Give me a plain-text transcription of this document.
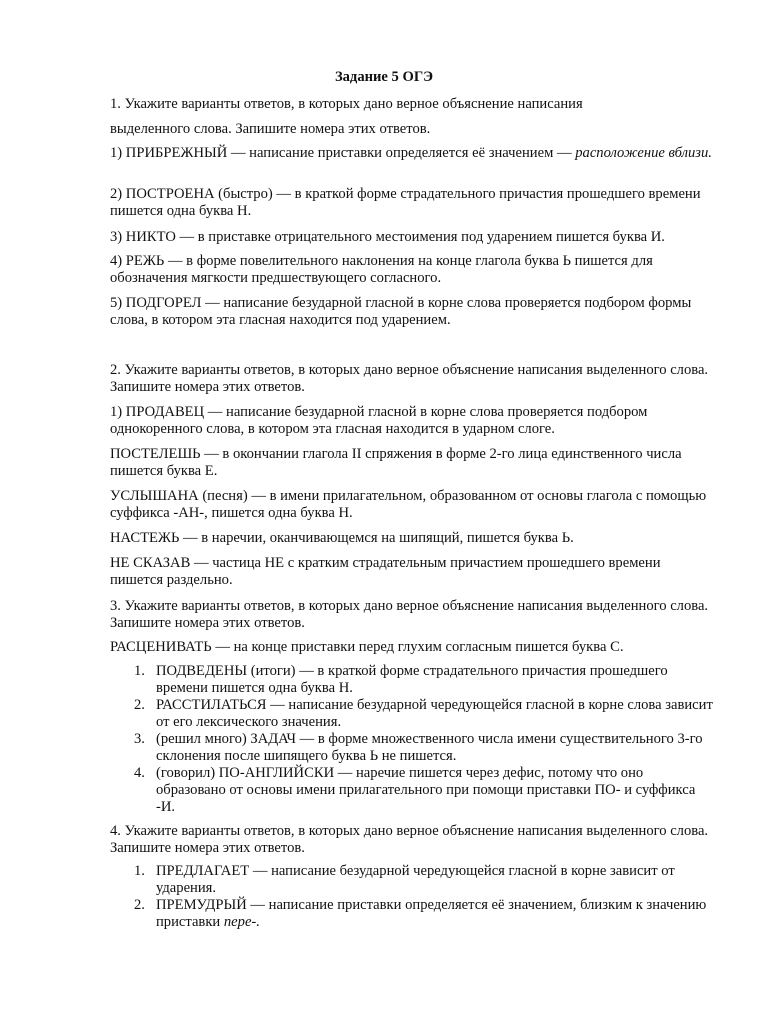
Задание 5 ОГЭ

1. Укажите варианты ответов, в которых дано верное объяснение написания

выделенного слова. Запишите номера этих ответов.

1) ПРИБРЕЖНЫЙ — написание приставки определяется её значением — расположение вблизи.

2) ПОСТРОЕНА (быстро) — в краткой форме страдательного причастия прошедшего времени пишется одна буква Н.

3) НИКТО — в приставке отрицательного местоимения под ударением пишется буква И.

4) РЕЖЬ — в форме повелительного наклонения на конце глагола буква Ь пишется для обозначения мягкости предшествующего согласного.

5) ПОДГОРЕЛ — написание безударной гласной в корне слова проверяется подбором формы слова, в котором эта гласная находится под ударением.

2. Укажите варианты ответов, в которых дано верное объяснение написания выделенного слова. Запишите номера этих ответов.

1) ПРОДАВЕЦ — написание безударной гласной в корне слова проверяется подбором однокоренного слова, в котором эта гласная находится в ударном слоге.

ПОСТЕЛЕШЬ — в окончании глагола II спряжения в форме 2-го лица единственного числа пишется буква Е.

УСЛЫШАНА (песня) — в имени прилагательном, образованном от основы глагола с помощью суффикса -АН-, пишется одна буква Н.

НАСТЕЖЬ — в наречии, оканчивающемся на шипящий, пишется буква Ь.

НЕ СКАЗАВ — частица НЕ с кратким страдательным причастием прошедшего времени пишется раздельно.

3. Укажите варианты ответов, в которых дано верное объяснение написания выделенного слова. Запишите номера этих ответов.

РАСЦЕНИВАТЬ — на конце приставки перед глухим согласным пишется буква С.

1. ПОДВЕДЕНЫ (итоги) — в краткой форме страдательного причастия прошедшего времени пишется одна буква Н.
2. РАССТИЛАТЬСЯ — написание безударной чередующейся гласной в корне слова зависит от его лексического значения.
3. (решил много) ЗАДАЧ — в форме множественного числа имени существительного 3-го склонения после шипящего буква Ь не пишется.
4. (говорил) ПО-АНГЛИЙСКИ — наречие пишется через дефис, потому что оно образовано от основы имени прилагательного при помощи приставки ПО- и суффикса -И.

4. Укажите варианты ответов, в которых дано верное объяснение написания выделенного слова. Запишите номера этих ответов.

1. ПРЕДЛАГАЕТ — написание безударной чередующейся гласной в корне зависит от ударения.
2. ПРЕМУДРЫЙ — написание приставки определяется её значением, близким к значению приставки пере-.
